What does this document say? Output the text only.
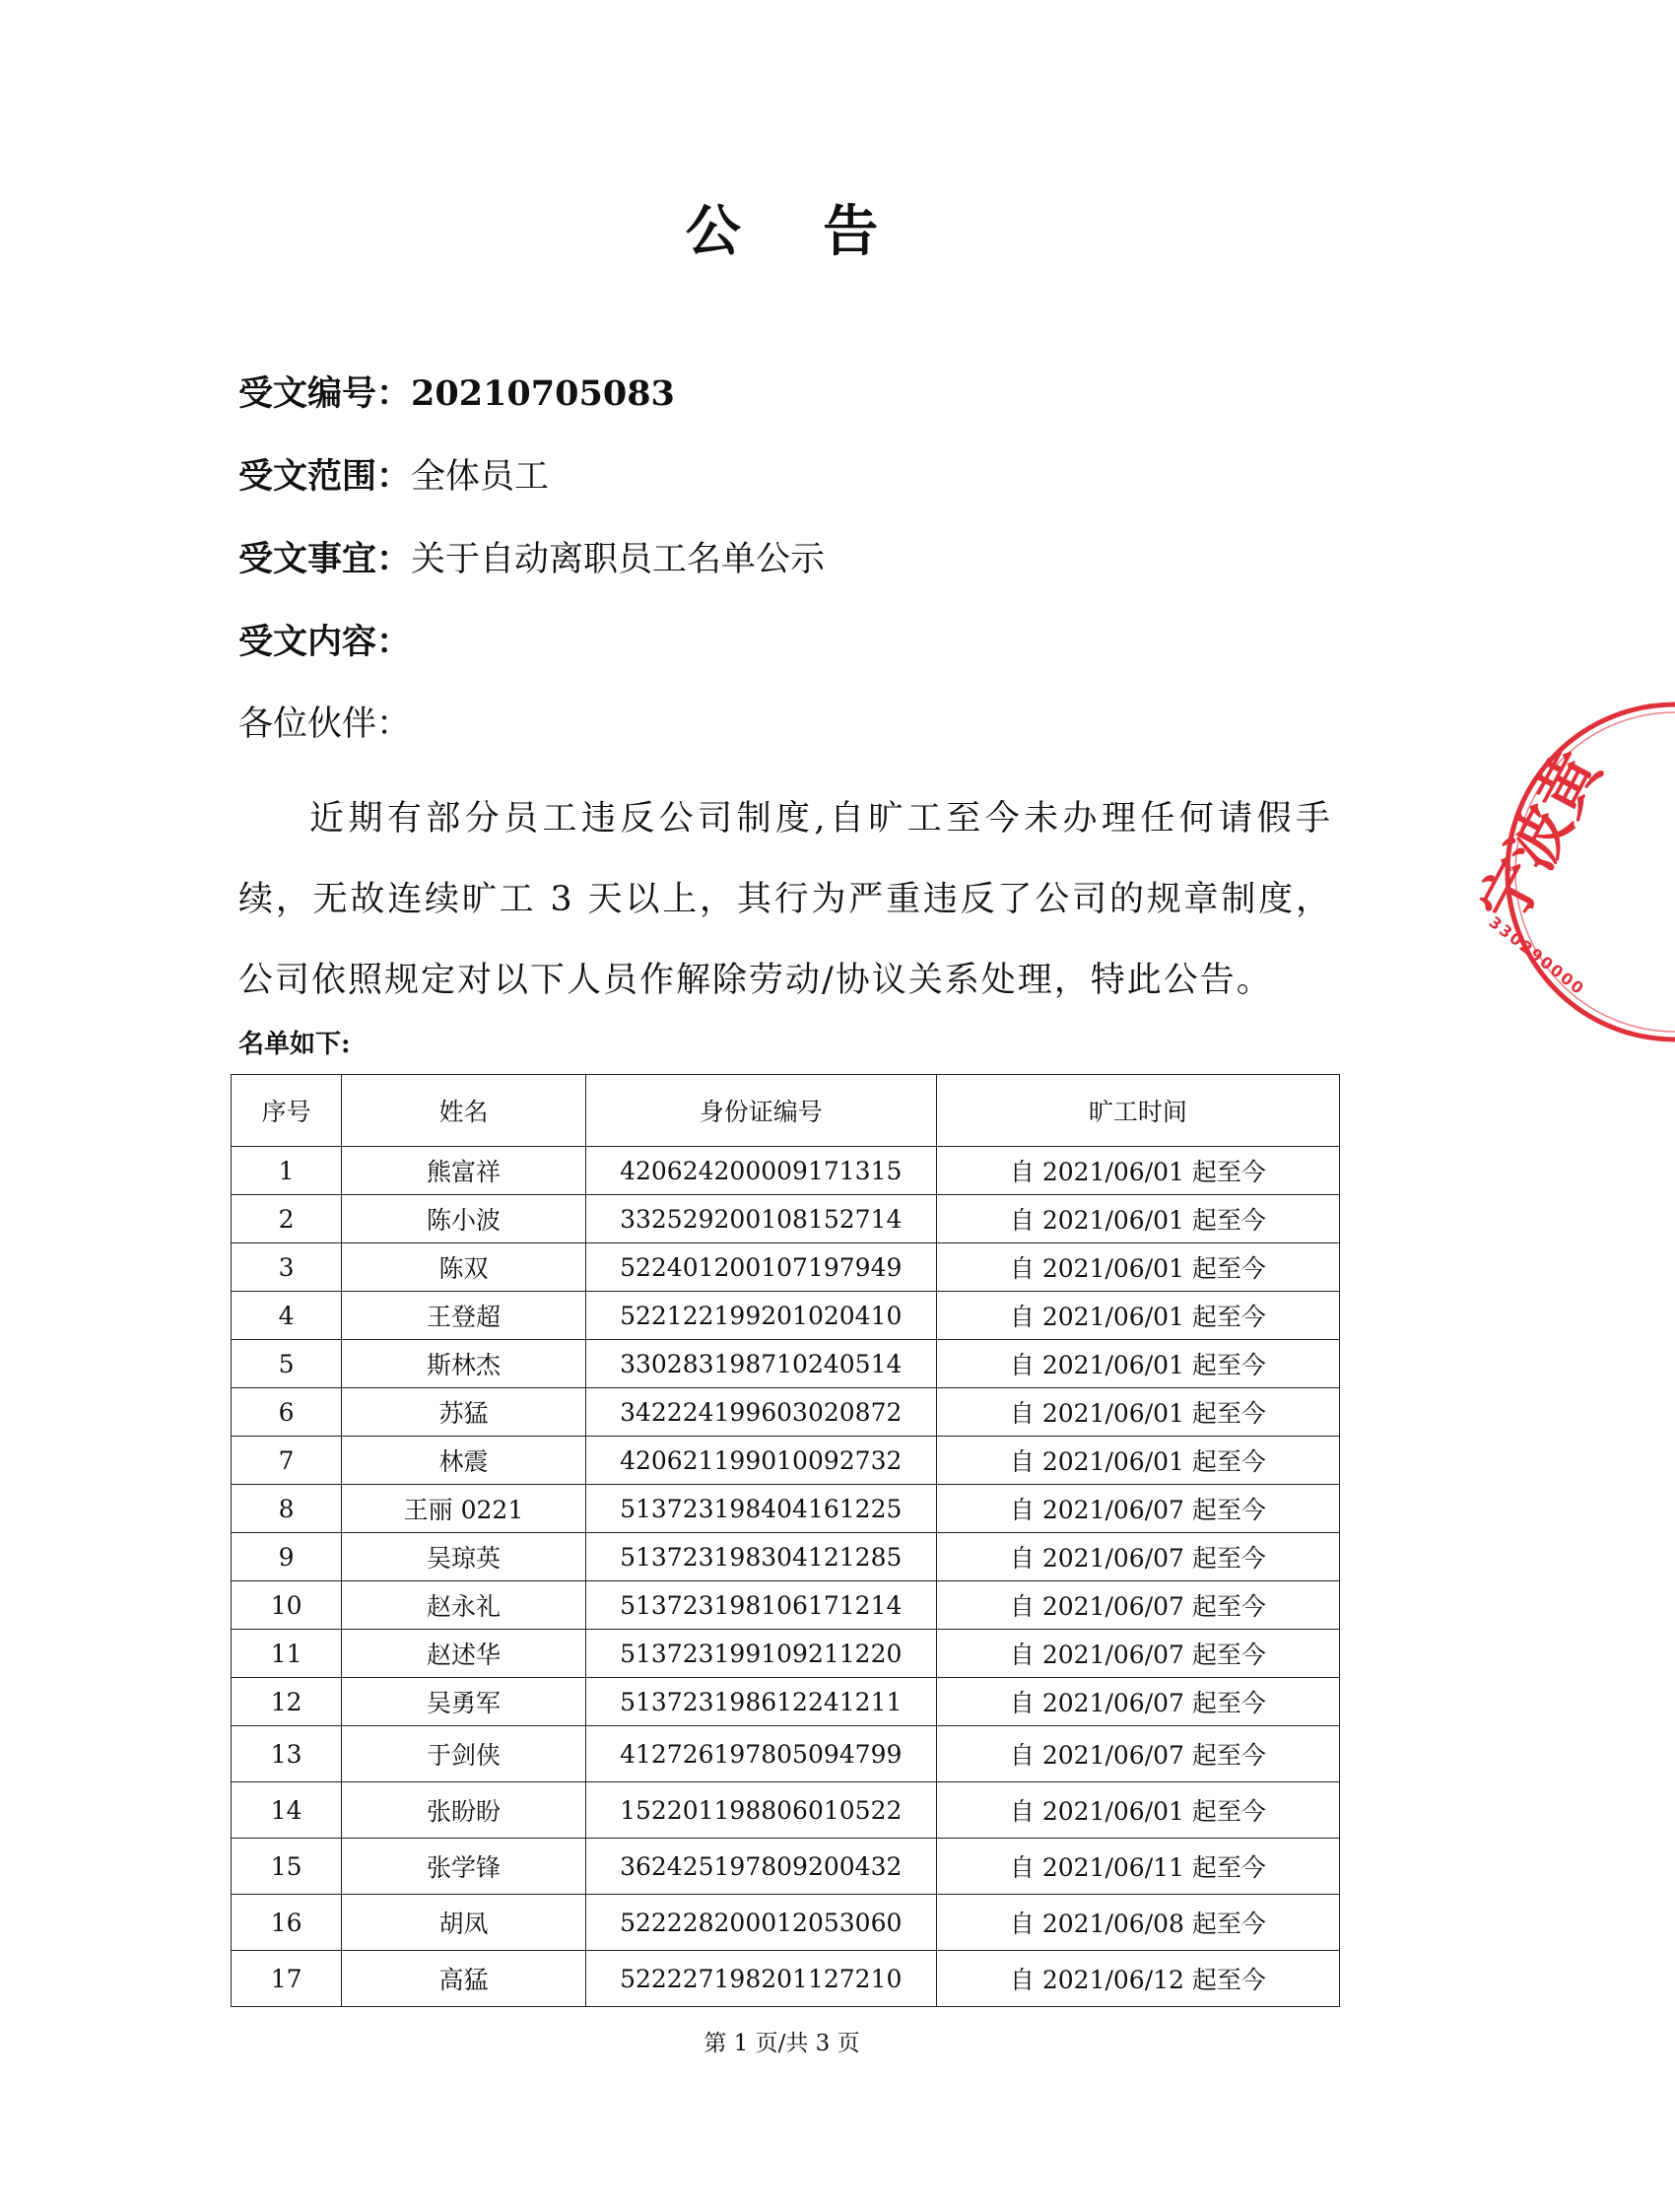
公 告
受文编号：20210705083
受文范围：全体员工
受文事宜：关于自动离职员工名单公示
受文内容：
各位伙伴：
近期有部分员工违反公司制度,自旷工至今未办理任何请假手续，无故连续旷工 3 天以上，其行为严重违反了公司的规章制度，公司依照规定对以下人员作解除劳动/协议关系处理，特此公告。
名单如下:
序号	姓名	身份证编号	旷工时间
1	熊富祥	420624200009171315	自 2021/06/01 起至今
2	陈小波	332529200108152714	自 2021/06/01 起至今
3	陈双	522401200107197949	自 2021/06/01 起至今
4	王登超	522122199201020410	自 2021/06/01 起至今
5	斯林杰	330283198710240514	自 2021/06/01 起至今
6	苏猛	342224199603020872	自 2021/06/01 起至今
7	林震	420621199010092732	自 2021/06/01 起至今
8	王丽 0221	513723198404161225	自 2021/06/07 起至今
9	吴琼英	513723198304121285	自 2021/06/07 起至今
10	赵永礼	513723198106171214	自 2021/06/07 起至今
11	赵述华	513723199109211220	自 2021/06/07 起至今
12	吴勇军	513723198612241211	自 2021/06/07 起至今
13	于剑侠	412726197805094799	自 2021/06/07 起至今
14	张盼盼	152201198806010522	自 2021/06/01 起至今
15	张学锋	362425197809200432	自 2021/06/11 起至今
16	胡凤	522228200012053060	自 2021/06/08 起至今
17	高猛	522227198201127210	自 2021/06/12 起至今
第 1 页/共 3 页
宁波黄
330290000
